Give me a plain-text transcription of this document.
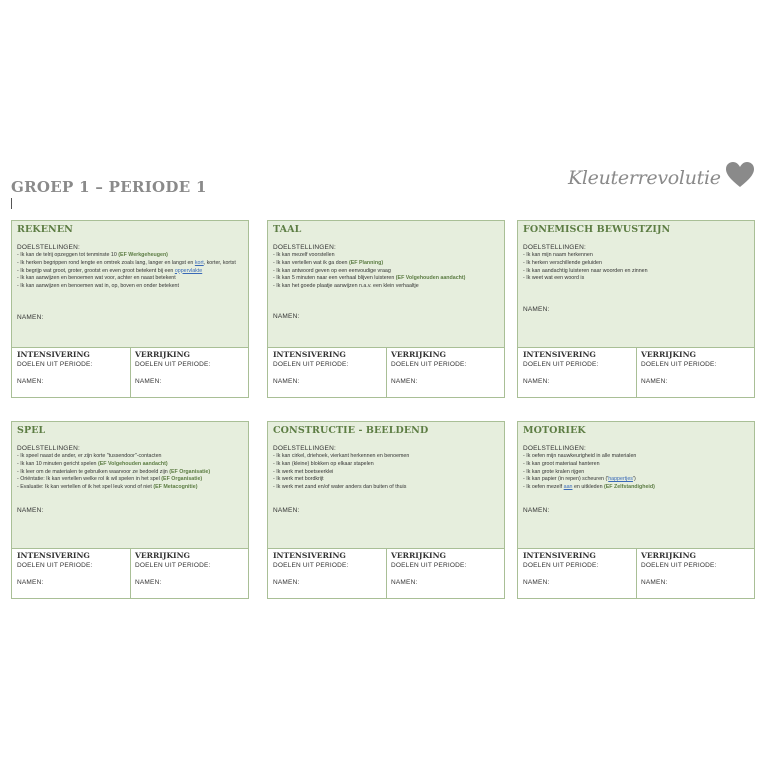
GROEP 1 – PERIODE 1	Kleuterrevolutie
REKENEN
DOELSTELLINGEN:
- Ik kan de telrij opzeggen tot tenminste 10 (EF Werkgeheugen)
- Ik herken begrippen rond lengte en omtrek zoals lang, langer en langst en kort, korter, kortst
- Ik begrijp wat groot, groter, grootst en even groot betekent bij een oppervlakte
- Ik kan aanwijzen en benoemen wat voor, achter en naast betekent
- Ik kan aanwijzen en benoemen wat in, op, boven en onder betekent
NAMEN:
INTENSIVERING
DOELEN UIT PERIODE:
NAMEN:
VERRIJKING
DOELEN UIT PERIODE:
NAMEN:
TAAL
DOELSTELLINGEN:
- Ik kan mezelf voorstellen
- Ik kan vertellen wat ik ga doen (EF Planning)
- Ik kan antwoord geven op een eenvoudige vraag
- Ik kan 5 minuten naar een verhaal blijven luisteren (EF Volgehouden aandacht)
- Ik kan het goede plaatje aanwijzen n.a.v. een klein verhaaltje
NAMEN:
INTENSIVERING
DOELEN UIT PERIODE:
NAMEN:
VERRIJKING
DOELEN UIT PERIODE:
NAMEN:
FONEMISCH BEWUSTZIJN
DOELSTELLINGEN:
- Ik kan mijn naam herkennen
- Ik herken verschillende geluiden
- Ik kan aandachtig luisteren naar woorden en zinnen
- Ik weet wat een woord is
NAMEN:
INTENSIVERING
DOELEN UIT PERIODE:
NAMEN:
VERRIJKING
DOELEN UIT PERIODE:
NAMEN:
SPEL
DOELSTELLINGEN:
- Ik speel naast de ander, er zijn korte "tussendoor"-contacten
- Ik kan 10 minuten gericht spelen (EF Volgehouden aandacht)
- Ik leer om de materialen te gebruiken waarvoor ze bedoeld zijn (EF Organisatie)
- Oriëntatie: Ik kan vertellen welke rol ik wil spelen in het spel (EF Organisatie)
- Evaluatie: Ik kan vertellen of ik het spel leuk vond of niet (EF Metacognitie)
NAMEN:
INTENSIVERING
DOELEN UIT PERIODE:
NAMEN:
VERRIJKING
DOELEN UIT PERIODE:
NAMEN:
CONSTRUCTIE - BEELDEND
DOELSTELLINGEN:
- Ik kan cirkel, driehoek, vierkant herkennen en benoemen
- Ik kan (kleine) blokken op elkaar stapelen
- Ik werk met boetseerklei
- Ik werk met bordkrijt
- Ik werk met zand en/of water anders dan buiten of thuis
NAMEN:
INTENSIVERING
DOELEN UIT PERIODE:
NAMEN:
VERRIJKING
DOELEN UIT PERIODE:
NAMEN:
MOTORIEK
DOELSTELLINGEN:
- Ik oefen mijn nauwkeurigheid in alle materialen
- Ik kan groot materiaal hanteren
- Ik kan grote kralen rijgen
- Ik kan papier (in repen) scheuren ('happertjes')
- Ik oefen mezelf aan en uitkleden (EF Zelfstandigheid)
NAMEN:
INTENSIVERING
DOELEN UIT PERIODE:
NAMEN:
VERRIJKING
DOELEN UIT PERIODE:
NAMEN:
